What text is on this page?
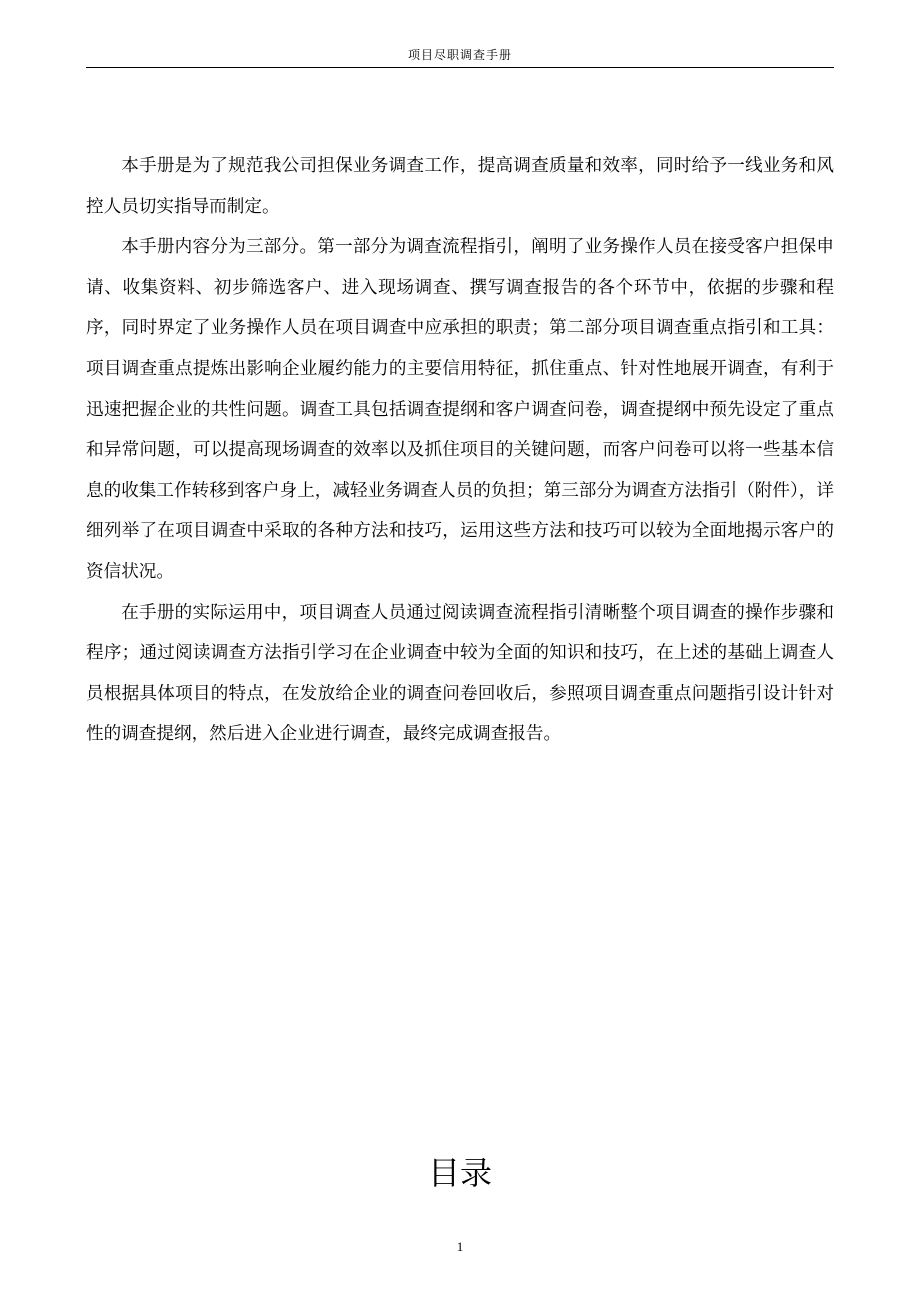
项目尽职调查手册

本手册是为了规范我公司担保业务调查工作，提高调查质量和效率，同时给予一线业务和风控人员切实指导而制定。

本手册内容分为三部分。第一部分为调查流程指引，阐明了业务操作人员在接受客户担保申请、收集资料、初步筛选客户、进入现场调查、撰写调查报告的各个环节中，依据的步骤和程序，同时界定了业务操作人员在项目调查中应承担的职责；第二部分项目调查重点指引和工具：项目调查重点提炼出影响企业履约能力的主要信用特征，抓住重点、针对性地展开调查，有利于迅速把握企业的共性问题。调查工具包括调查提纲和客户调查问卷，调查提纲中预先设定了重点和异常问题，可以提高现场调查的效率以及抓住项目的关键问题，而客户问卷可以将一些基本信息的收集工作转移到客户身上，减轻业务调查人员的负担；第三部分为调查方法指引（附件），详细列举了在项目调查中采取的各种方法和技巧，运用这些方法和技巧可以较为全面地揭示客户的资信状况。

在手册的实际运用中，项目调查人员通过阅读调查流程指引清晰整个项目调查的操作步骤和程序；通过阅读调查方法指引学习在企业调查中较为全面的知识和技巧，在上述的基础上调查人员根据具体项目的特点，在发放给企业的调查问卷回收后，参照项目调查重点问题指引设计针对性的调查提纲，然后进入企业进行调查，最终完成调查报告。

目录
1
